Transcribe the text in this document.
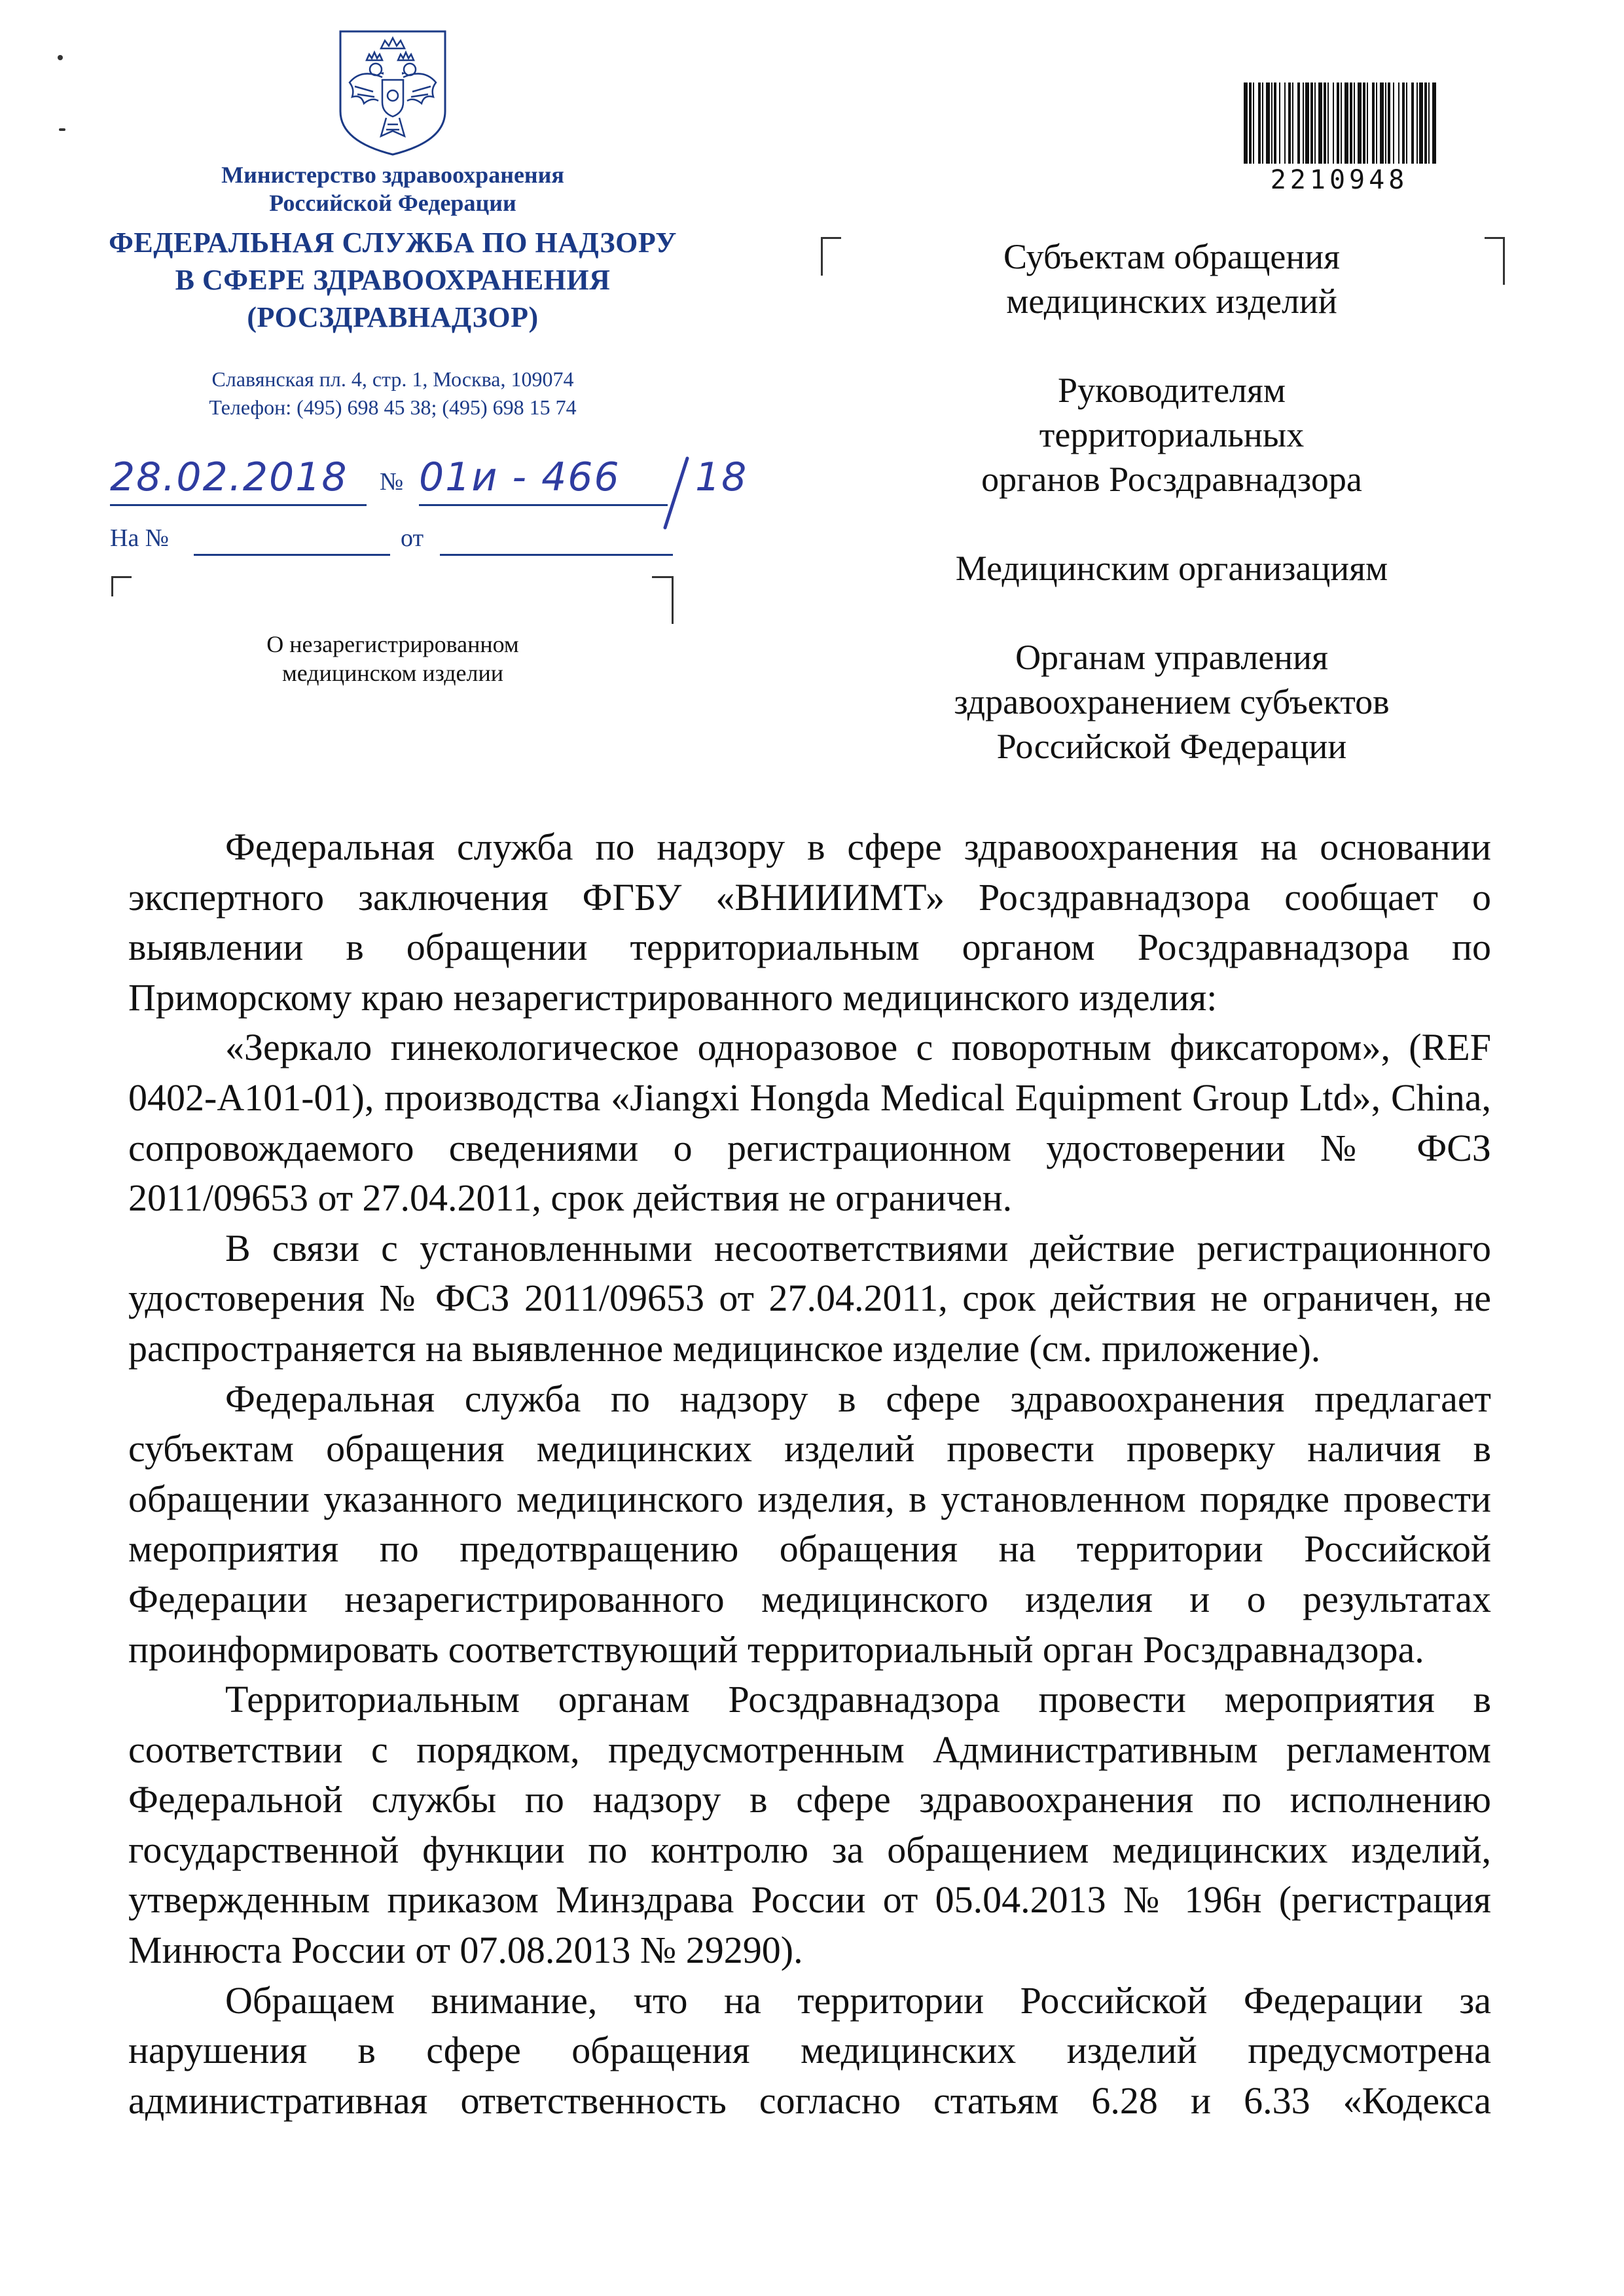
Министерство здравоохранения
Российской Федерации
ФЕДЕРАЛЬНАЯ СЛУЖБА ПО НАДЗОРУ
В СФЕРЕ ЗДРАВООХРАНЕНИЯ
(РОСЗДРАВНАДЗОР)
Славянская пл. 4, стр. 1, Москва, 109074
Телефон: (495) 698 45 38; (495) 698 15 74
28.02.2018 № 01и - 466 18
На №	от
О незарегистрированном
медицинском изделии

Субъектам обращения
медицинских изделий

Руководителям
территориальных
органов Росздравнадзора

Медицинским организациям

Органам управления
здравоохранением субъектов
Российской Федерации

2210948

Федеральная служба по надзору в сфере здравоохранения на основании экспертного заключения ФГБУ «ВНИИИМТ» Росздравнадзора сообщает о выявлении в обращении территориальным органом Росздравнадзора по Приморскому краю незарегистрированного медицинского изделия:

«Зеркало гинекологическое одноразовое с поворотным фиксатором», (REF 0402-A101-01), производства «Jiangxi Hongda Medical Equipment Group Ltd», China, сопровождаемого сведениями о регистрационном удостоверении № ФСЗ 2011/09653 от 27.04.2011, срок действия не ограничен.

В связи с установленными несоответствиями действие регистрационного удостоверения № ФСЗ 2011/09653 от 27.04.2011, срок действия не ограничен, не распространяется на выявленное медицинское изделие (см. приложение).

Федеральная служба по надзору в сфере здравоохранения предлагает субъектам обращения медицинских изделий провести проверку наличия в обращении указанного медицинского изделия, в установленном порядке провести мероприятия по предотвращению обращения на территории Российской Федерации незарегистрированного медицинского изделия и о результатах проинформировать соответствующий территориальный орган Росздравнадзора.

Территориальным органам Росздравнадзора провести мероприятия в соответствии с порядком, предусмотренным Административным регламентом Федеральной службы по надзору в сфере здравоохранения по исполнению государственной функции по контролю за обращением медицинских изделий, утвержденным приказом Минздрава России от 05.04.2013 № 196н (регистрация Минюста России от 07.08.2013 № 29290).

Обращаем внимание, что на территории Российской Федерации за нарушения в сфере обращения медицинских изделий предусмотрена административная ответственность согласно статьям 6.28 и 6.33 «Кодекса
